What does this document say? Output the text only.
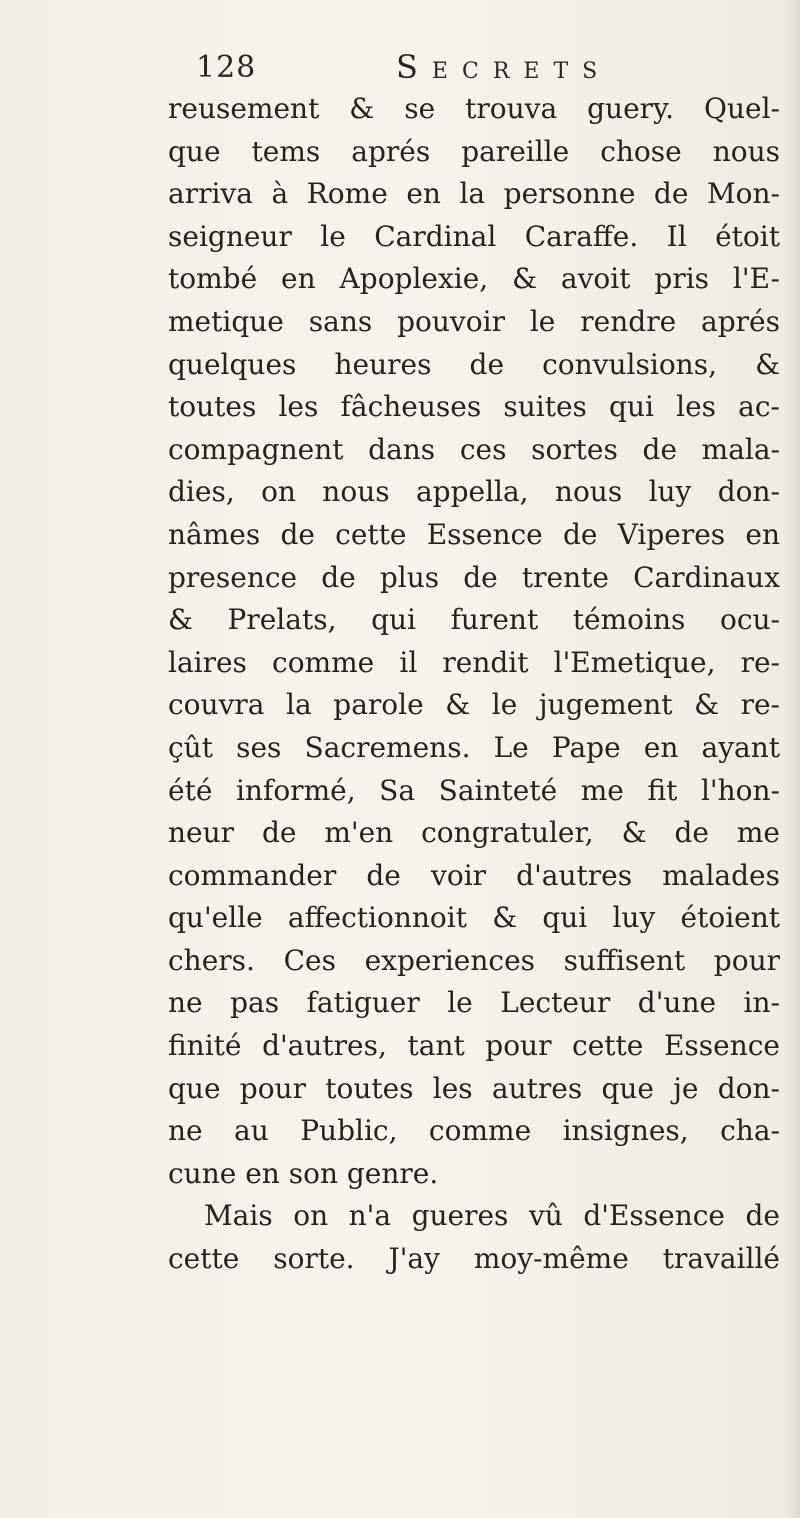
128	Secrets
reusement & se trouva guery. Quel-
que tems aprés pareille chose nous
arriva à Rome en la personne de Mon-
seigneur le Cardinal Caraffe. Il étoit
tombé en Apoplexie, & avoit pris l'E-
metique sans pouvoir le rendre aprés
quelques heures de convulsions, &
toutes les fâcheuses suites qui les ac-
compagnent dans ces sortes de mala-
dies, on nous appella, nous luy don-
nâmes de cette Essence de Viperes en
presence de plus de trente Cardinaux
& Prelats, qui furent témoins ocu-
laires comme il rendit l'Emetique, re-
couvra la parole & le jugement & re-
çût ses Sacremens. Le Pape en ayant
été informé, Sa Sainteté me fit l'hon-
neur de m'en congratuler, & de me
commander de voir d'autres malades
qu'elle affectionnoit & qui luy étoient
chers. Ces experiences suffisent pour
ne pas fatiguer le Lecteur d'une in-
finité d'autres, tant pour cette Essence
que pour toutes les autres que je don-
ne au Public, comme insignes, cha-
cune en son genre.
Mais on n'a gueres vû d'Essence de
cette sorte. J'ay moy-même travaillé
